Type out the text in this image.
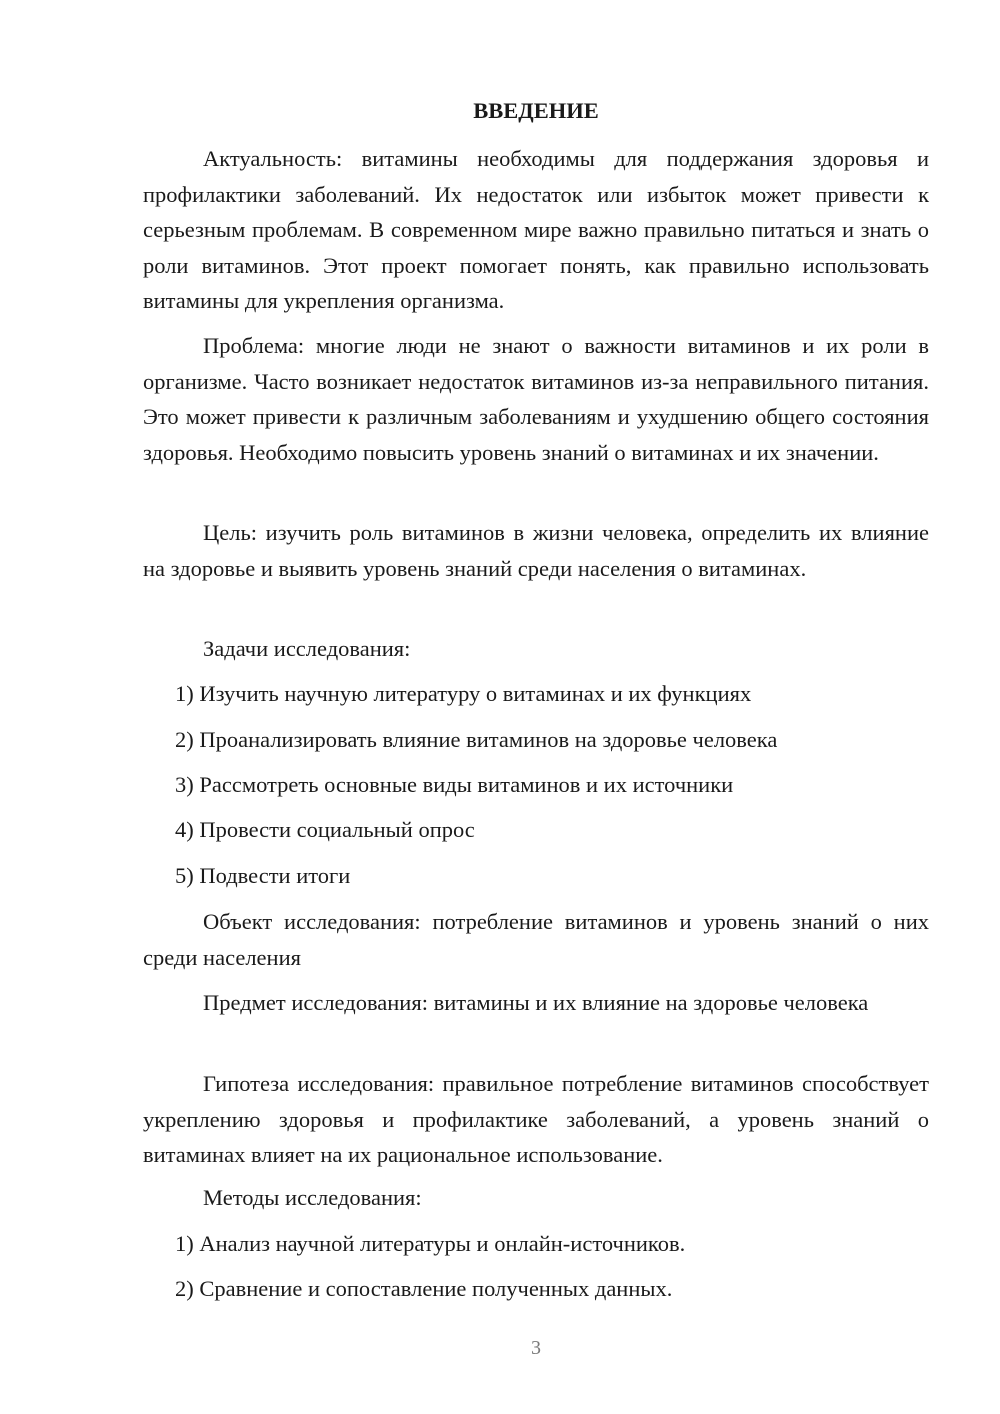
ВВЕДЕНИЕ

Актуальность: витамины необходимы для поддержания здоровья и профилактики заболеваний. Их недостаток или избыток может привести к серьезным проблемам. В современном мире важно правильно питаться и знать о роли витаминов. Этот проект помогает понять, как правильно использовать витамины для укрепления организма.

Проблема: многие люди не знают о важности витаминов и их роли в организме. Часто возникает недостаток витаминов из-за неправильного питания. Это может привести к различным заболеваниям и ухудшению общего состояния здоровья. Необходимо повысить уровень знаний о витаминах и их значении.

Цель: изучить роль витаминов в жизни человека, определить их влияние на здоровье и выявить уровень знаний среди населения о витаминах.

Задачи исследования:
1) Изучить научную литературу о витаминах и их функциях
2) Проанализировать влияние витаминов на здоровье человека
3) Рассмотреть основные виды витаминов и их источники
4) Провести социальный опрос
5) Подвести итоги

Объект исследования: потребление витаминов и уровень знаний о них среди населения

Предмет исследования: витамины и их влияние на здоровье человека

Гипотеза исследования: правильное потребление витаминов способствует укреплению здоровья и профилактике заболеваний, а уровень знаний о витаминах влияет на их рациональное использование.

Методы исследования:
1) Анализ научной литературы и онлайн-источников.
2) Сравнение и сопоставление полученных данных.
3
